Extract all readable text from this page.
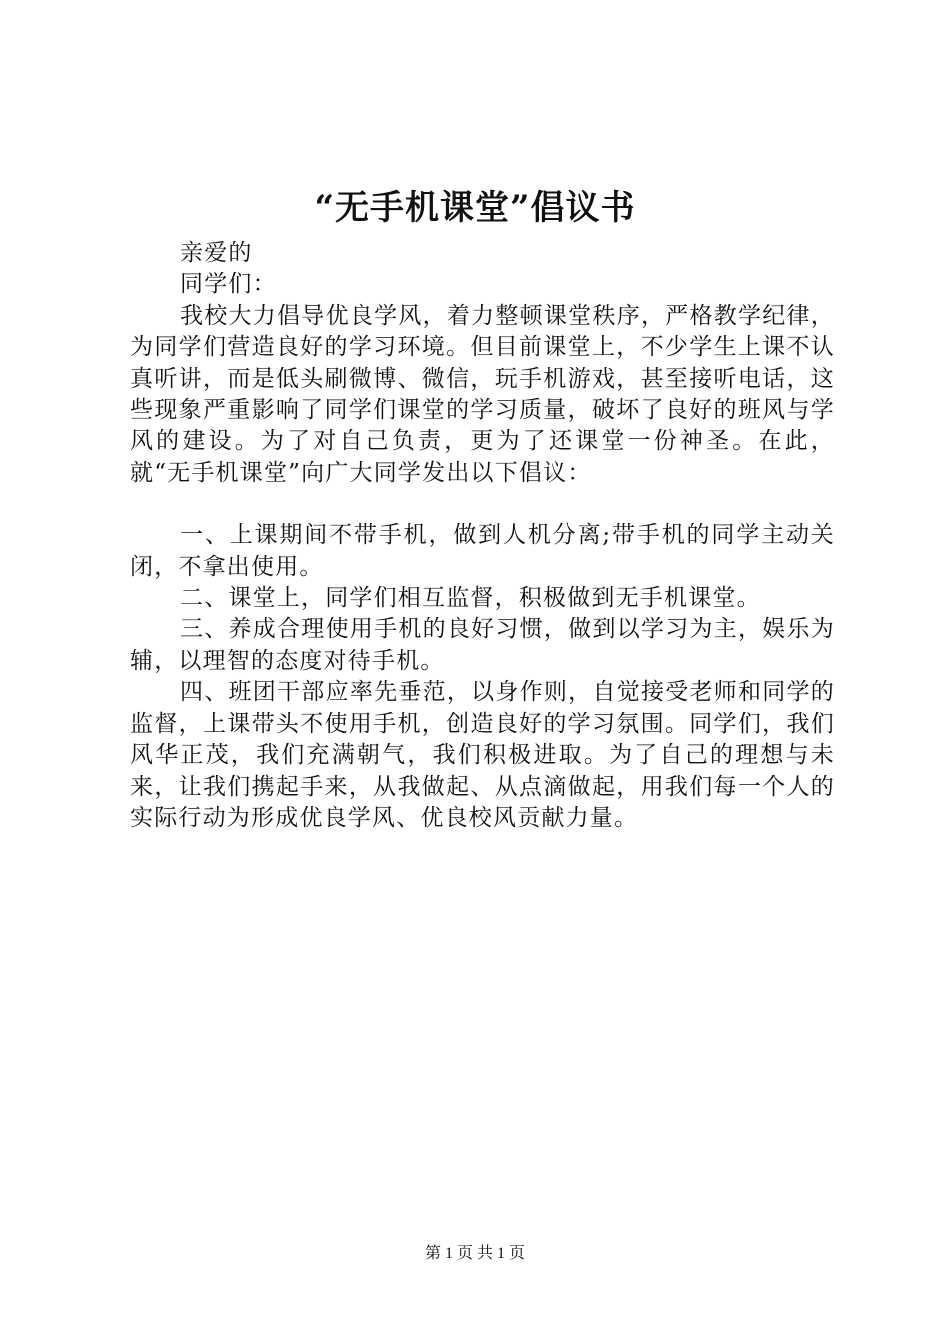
“无手机课堂”倡议书

亲爱的

同学们：

我校大力倡导优良学风，着力整顿课堂秩序，严格教学纪律，为同学们营造良好的学习环境。但目前课堂上，不少学生上课不认真听讲，而是低头刷微博、微信，玩手机游戏，甚至接听电话，这些现象严重影响了同学们课堂的学习质量，破坏了良好的班风与学风的建设。为了对自己负责，更为了还课堂一份神圣。在此，就“无手机课堂”向广大同学发出以下倡议：

一、上课期间不带手机，做到人机分离;带手机的同学主动关闭，不拿出使用。

二、课堂上，同学们相互监督，积极做到无手机课堂。

三、养成合理使用手机的良好习惯，做到以学习为主，娱乐为辅，以理智的态度对待手机。

四、班团干部应率先垂范，以身作则，自觉接受老师和同学的监督，上课带头不使用手机，创造良好的学习氛围。同学们，我们风华正茂，我们充满朝气，我们积极进取。为了自己的理想与未来，让我们携起手来，从我做起、从点滴做起，用我们每一个人的实际行动为形成优良学风、优良校风贡献力量。

第 1 页 共 1 页
